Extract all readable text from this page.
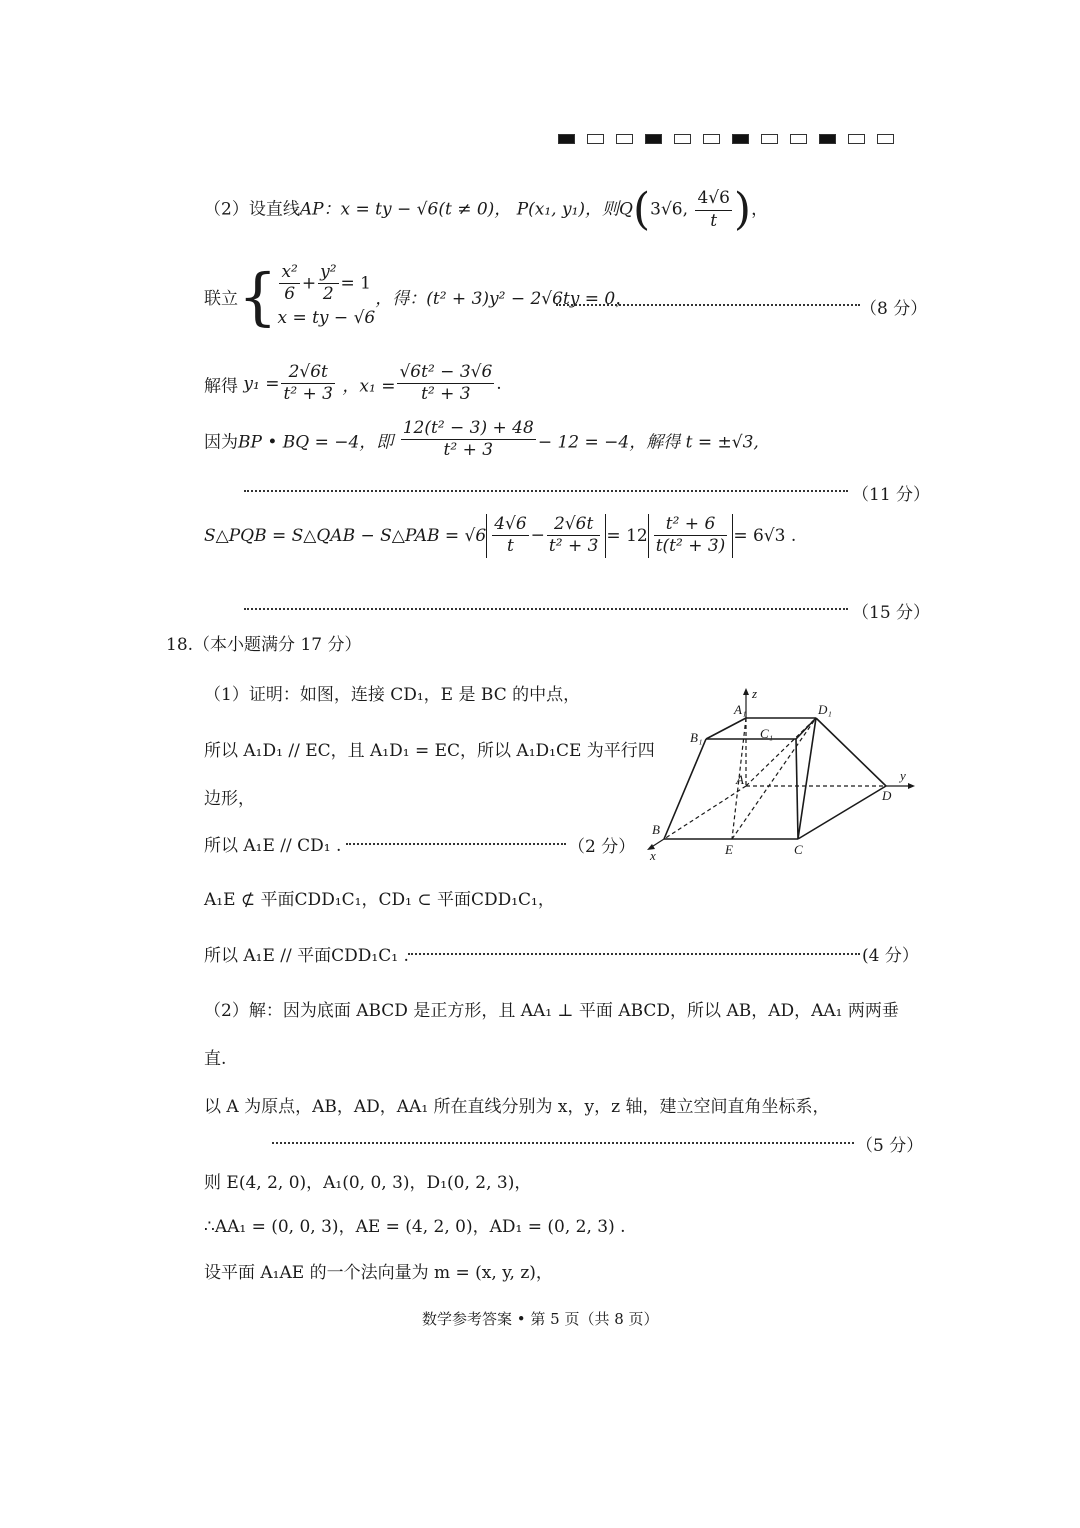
（2）设直线AP：x = ty − √6(t ≠ 0)， P(x₁, y₁)，则Q(3√6, $\frac{4√6}{t}$ )，
联立{ $\frac{\text{x²}}{6} + \frac{\text{y²}}{2} = 1$
x = ty − √6
，得：(t² + 3)y² − 2√6ty = 0，	（8 分）
解得 $y_1 = \frac{2√6t}{\text{t² + 3}}$ ，$x_1 = \frac{\text{√6t² − 3√6}}{\text{t² + 3}}$ .
因为BP • BQ = −4，即 $\frac{\text{12(t² − 3) + 48}}{\text{t² + 3}} - 12 = -4$，解得 t = ±√3,
（11 分）
S△PQB = S△QAB − S△PAB = $√6 \frac{4√6}{t} - \frac{2√6t}{\text{t² + 3}} = 12 \frac{\text{t² + 6}}{\text{t(t² + 3)}} = 6√3$ .
（15 分）
18.（本小题满分 17 分）
（1）证明：如图，连接 CD₁，E 是 BC 的中点，
所以 A₁D₁ // EC，且 A₁D₁ = EC，所以 A₁D₁CE 为平行四
边形，
所以 A₁E // CD₁ .	（2 分）
A₁
B₁	C₁
D₁
A
B
C
D
E
x
y
z
A₁E ⊄ 平面CDD₁C₁，CD₁ ⊂ 平面CDD₁C₁，
所以 A₁E // 平面CDD₁C₁ .	(4 分）
（2）解：因为底面 ABCD 是正方形，且 AA₁ ⊥ 平面 ABCD，所以 AB，AD，AA₁ 两两垂
直.
以 A 为原点，AB，AD，AA₁ 所在直线分别为 x，y，z 轴，建立空间直角坐标系，
（5 分）
则 E(4, 2, 0)，A₁(0, 0, 3)，D₁(0, 2, 3)，
∴AA₁ = (0, 0, 3)，AE = (4, 2, 0)，AD₁ = (0, 2, 3) .
设平面 A₁AE 的一个法向量为 m = (x, y, z)，
数学参考答案 • 第 5 页（共 8 页）
